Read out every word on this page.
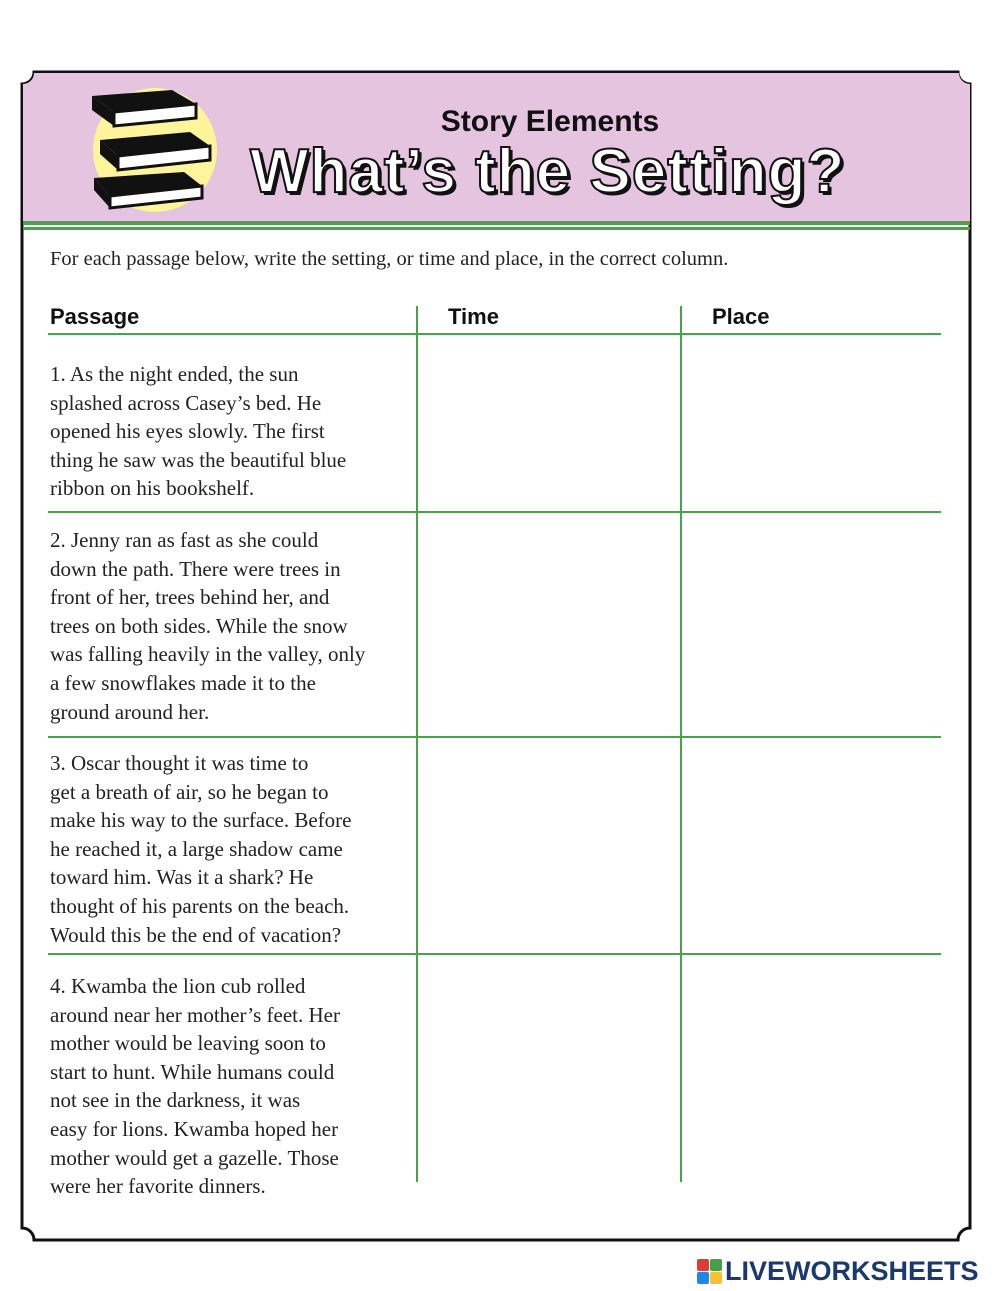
Story Elements
What’s the Setting?
For each passage below, write the setting, or time and place, in the correct column.
Passage	Time	Place
1. As the night ended, the sun
splashed across Casey’s bed. He
opened his eyes slowly. The first
thing he saw was the beautiful blue
ribbon on his bookshelf.
2. Jenny ran as fast as she could
down the path. There were trees in
front of her, trees behind her, and
trees on both sides. While the snow
was falling heavily in the valley, only
a few snowflakes made it to the
ground around her.
3. Oscar thought it was time to
get a breath of air, so he began to
make his way to the surface. Before
he reached it, a large shadow came
toward him. Was it a shark? He
thought of his parents on the beach.
Would this be the end of vacation?
4. Kwamba the lion cub rolled
around near her mother’s feet. Her
mother would be leaving soon to
start to hunt. While humans could
not see in the darkness, it was
easy for lions. Kwamba hoped her
mother would get a gazelle. Those
were her favorite dinners.
LIVEWORKSHEETS
